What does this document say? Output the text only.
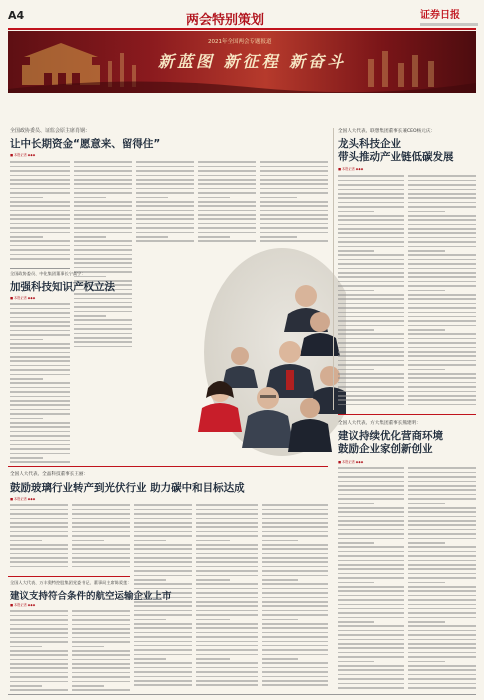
A4	证券日报
两会特别策划
2021年全国两会专题报道
新蓝图 新征程 新奋斗
全国政协委员、证监会原主席肖钢：
让中长期资金“愿意来、留得住”
■ 本报记者 ◆◆◆
全国政协委员、中化集团董事长宁高宁：
加强科技知识产权立法
■ 本报记者 ◆◆◆
全国人大代表、联想集团董事长兼CEO杨元庆：
龙头科技企业
带头推动产业链低碳发展
■ 本报记者 ◆◆◆
全国人大代表、全晶科技董事长王丽：
鼓励玻璃行业转产到光伏行业 助力碳中和目标达成
■ 本报记者 ◆◆◆
全国人大代表、方大集团董事长熊建明：
建议持续优化营商环境
鼓励企业家创新创业
■ 本报记者 ◆◆◆
全国人大代表、万丰奥特控股集团党委书记、董事局主席陈爱莲：
建议支持符合条件的航空运输企业上市
■ 本报记者 ◆◆◆
